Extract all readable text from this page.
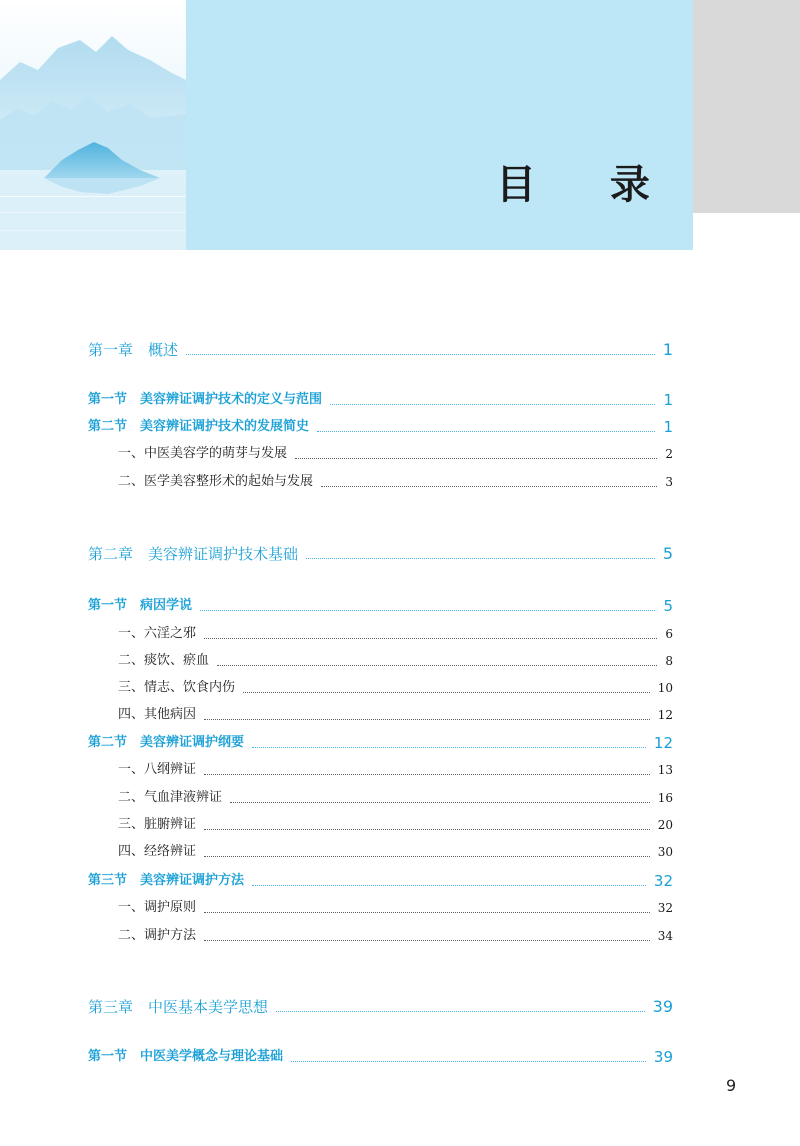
目 录
第一章　概述	1
第一节　美容辨证调护技术的定义与范围	1
第二节　美容辨证调护技术的发展简史	1
一、中医美容学的萌芽与发展	2
二、医学美容整形术的起始与发展	3
第二章　美容辨证调护技术基础	5
第一节　病因学说	5
一、六淫之邪	6
二、痰饮、瘀血	8
三、情志、饮食内伤	10
四、其他病因	12
第二节　美容辨证调护纲要	12
一、八纲辨证	13
二、气血津液辨证	16
三、脏腑辨证	20
四、经络辨证	30
第三节　美容辨证调护方法	32
一、调护原则	32
二、调护方法	34
第三章　中医基本美学思想	39
第一节　中医美学概念与理论基础	39
9
